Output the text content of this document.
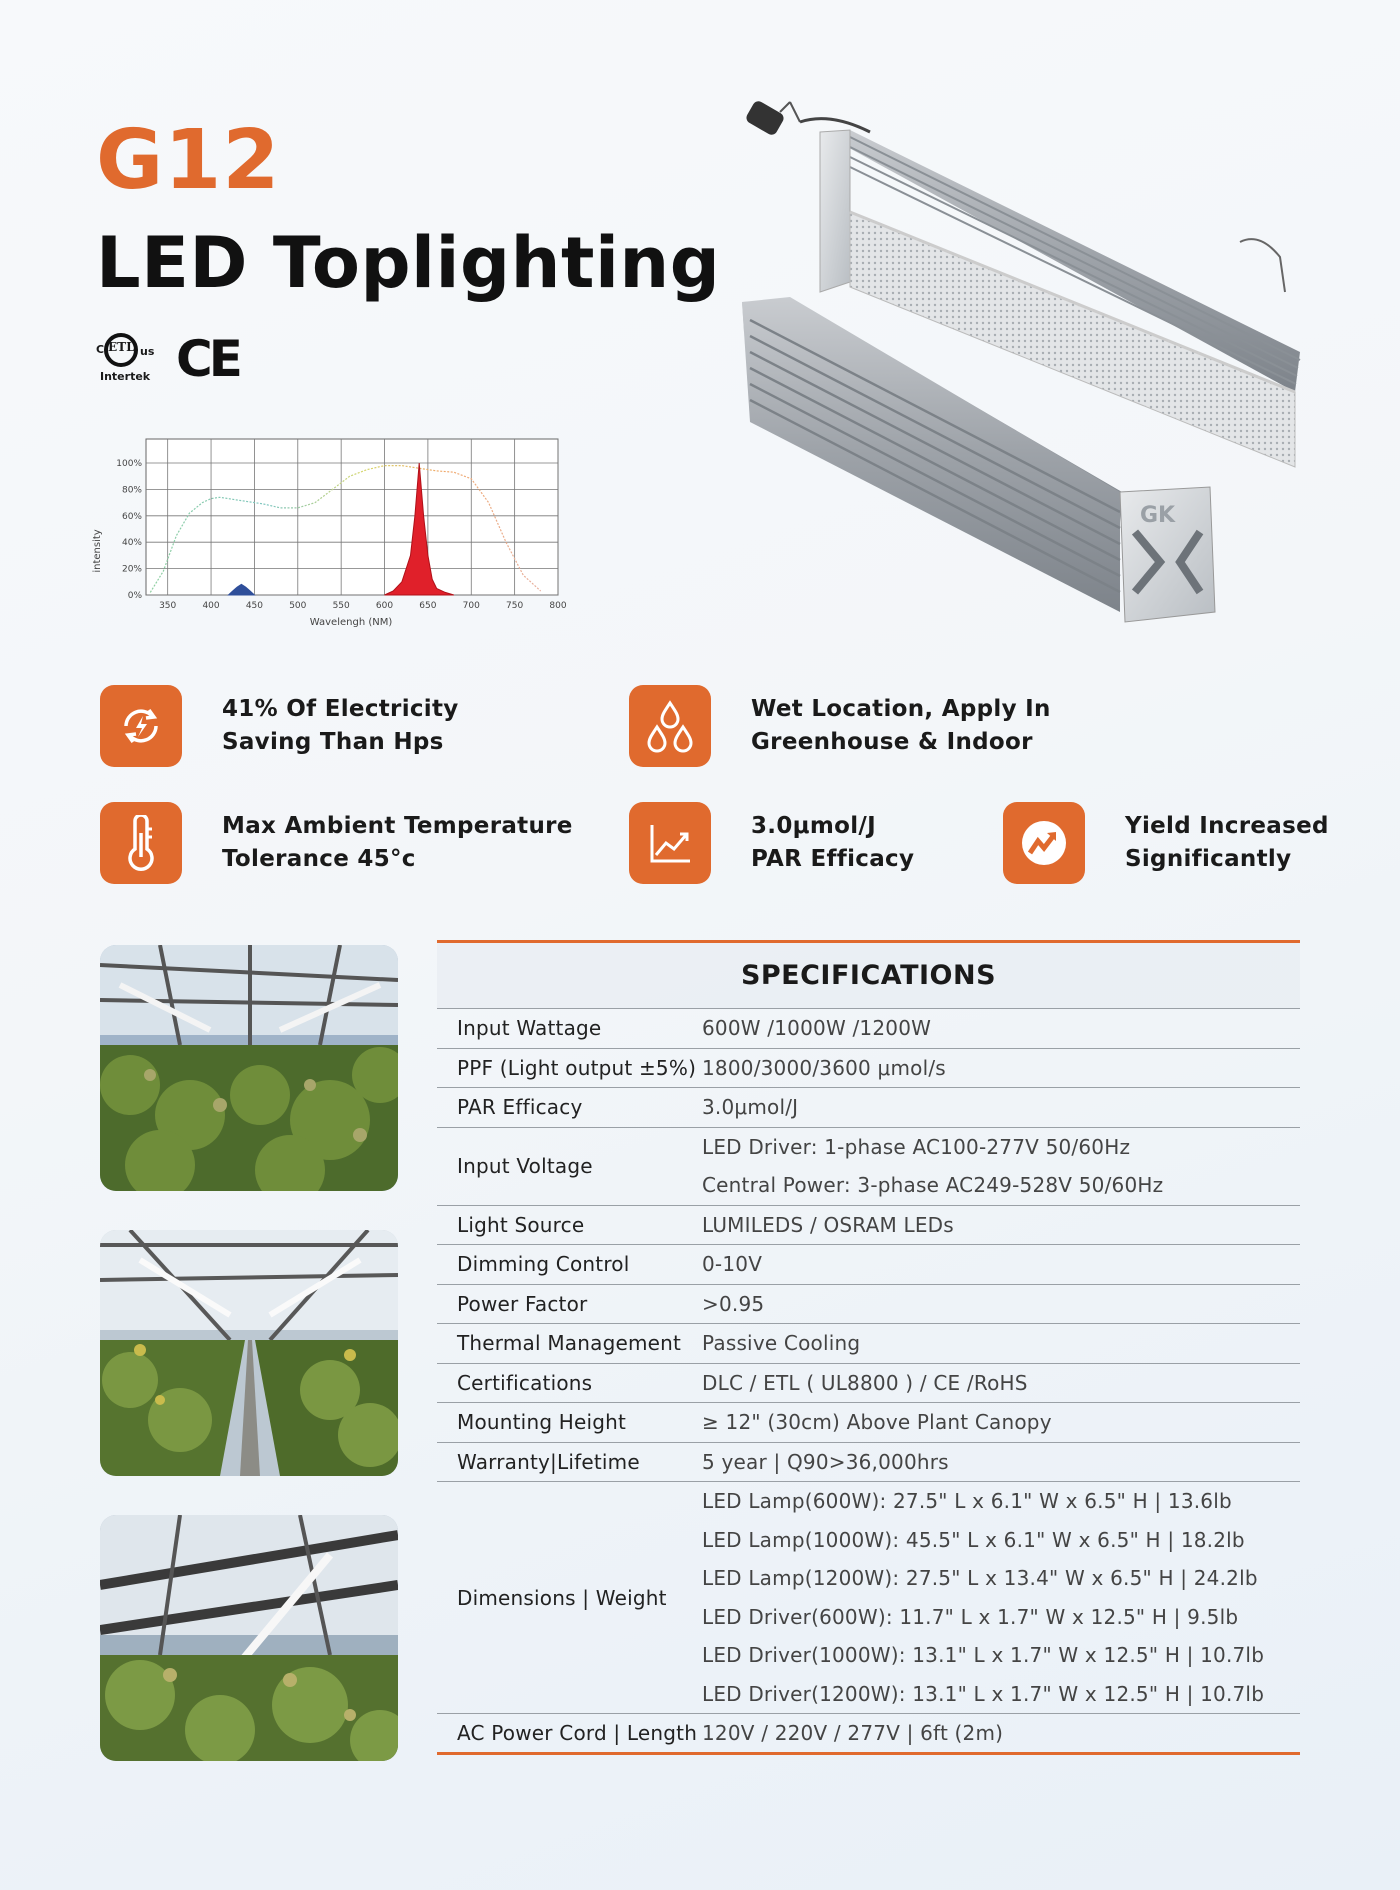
G12
LED Toplighting
C ETL us
Intertek CE
350	400	450	500	550	600	650	700	750	800
0%
20%
40%
60%
80%
100%
intensity
Wavelengh (NM)
GK
41% Of Electricity
Saving Than Hps
Wet Location, Apply In
Greenhouse & Indoor
Max Ambient Temperature
Tolerance 45°c
3.0μmol/J
PAR Efficacy
Yield Increased
Significantly
SPECIFICATIONS
Input Wattage	600W /1000W /1200W
PPF (Light output ±5%) 1800/3000/3600 μmol/s
PAR Efficacy	3.0μmol/J
Input Voltage
LED Driver: 1-phase AC100-277V 50/60Hz
Central Power: 3-phase AC249-528V 50/60Hz
Light Source	LUMILEDS / OSRAM LEDs
Dimming Control	0-10V
Power Factor	>0.95
Thermal Management	Passive Cooling
Certifications	DLC / ETL ( UL8800 ) / CE /RoHS
Mounting Height	≥ 12" (30cm) Above Plant Canopy
Warranty|Lifetime	5 year | Q90>36,000hrs
Dimensions | Weight
LED Lamp(600W): 27.5" L x 6.1" W x 6.5" H | 13.6lb
LED Lamp(1000W): 45.5" L x 6.1" W x 6.5" H | 18.2lb
LED Lamp(1200W): 27.5" L x 13.4" W x 6.5" H | 24.2lb
LED Driver(600W): 11.7" L x 1.7" W x 12.5" H | 9.5lb
LED Driver(1000W): 13.1" L x 1.7" W x 12.5" H | 10.7lb
LED Driver(1200W): 13.1" L x 1.7" W x 12.5" H | 10.7lb
AC Power Cord | Length 120V / 220V / 277V | 6ft (2m)
